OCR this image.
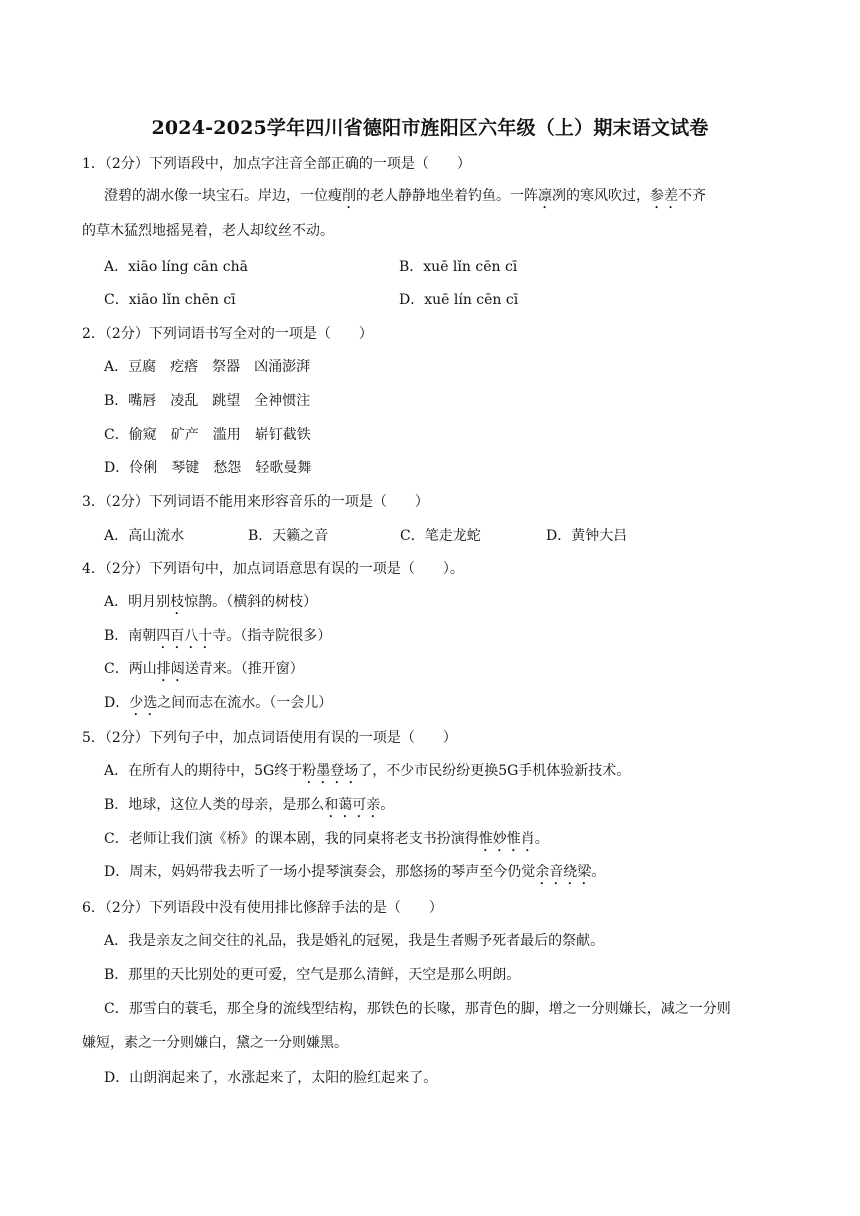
2024-2025学年四川省德阳市旌阳区六年级（上）期末语文试卷
1．（2分）下列语段中，加点字注音全部正确的一项是（　　）
澄碧的湖水像一块宝石。岸边，一位瘦削的老人静静地坐着钓鱼。一阵凛冽的寒风吹过，参差不齐
的草木猛烈地摇晃着，老人却纹丝不动。
A．xiāo líng cān chā	B．xuē lǐn cēn cī
C．xiāo lǐn chēn cī	D．xuē lín cēn cī
2．（2分）下列词语书写全对的一项是（　　）
A．豆腐　疙瘩　祭器　凶涌澎湃
B．嘴唇　凌乱　跳望　全神惯注
C．偷窥　矿产　滥用　崭钉截铁
D．伶俐　琴键　愁怨　轻歌曼舞
3．（2分）下列词语不能用来形容音乐的一项是（　　）
A．高山流水	B．天籁之音	C．笔走龙蛇	D．黄钟大吕
4．（2分）下列语句中，加点词语意思有误的一项是（　　）。
A．明月别枝惊鹊。（横斜的树枝）
B．南朝四百八十寺。（指寺院很多）
C．两山排闼送青来。（推开窗）
D．少选之间而志在流水。（一会儿）
5．（2分）下列句子中，加点词语使用有误的一项是（　　）
A．在所有人的期待中，5G终于粉墨登场了，不少市民纷纷更换5G手机体验新技术。
B．地球，这位人类的母亲，是那么和蔼可亲。
C．老师让我们演《桥》的课本剧，我的同桌将老支书扮演得惟妙惟肖。
D．周末，妈妈带我去听了一场小提琴演奏会，那悠扬的琴声至今仍觉余音绕梁。
6．（2分）下列语段中没有使用排比修辞手法的是（　　）
A．我是亲友之间交往的礼品，我是婚礼的冠冕，我是生者赐予死者最后的祭献。
B．那里的天比别处的更可爱，空气是那么清鲜，天空是那么明朗。
C．那雪白的蓑毛，那全身的流线型结构，那铁色的长喙，那青色的脚，增之一分则嫌长，减之一分则
嫌短，素之一分则嫌白，黛之一分则嫌黑。
D．山朗润起来了，水涨起来了，太阳的脸红起来了。
